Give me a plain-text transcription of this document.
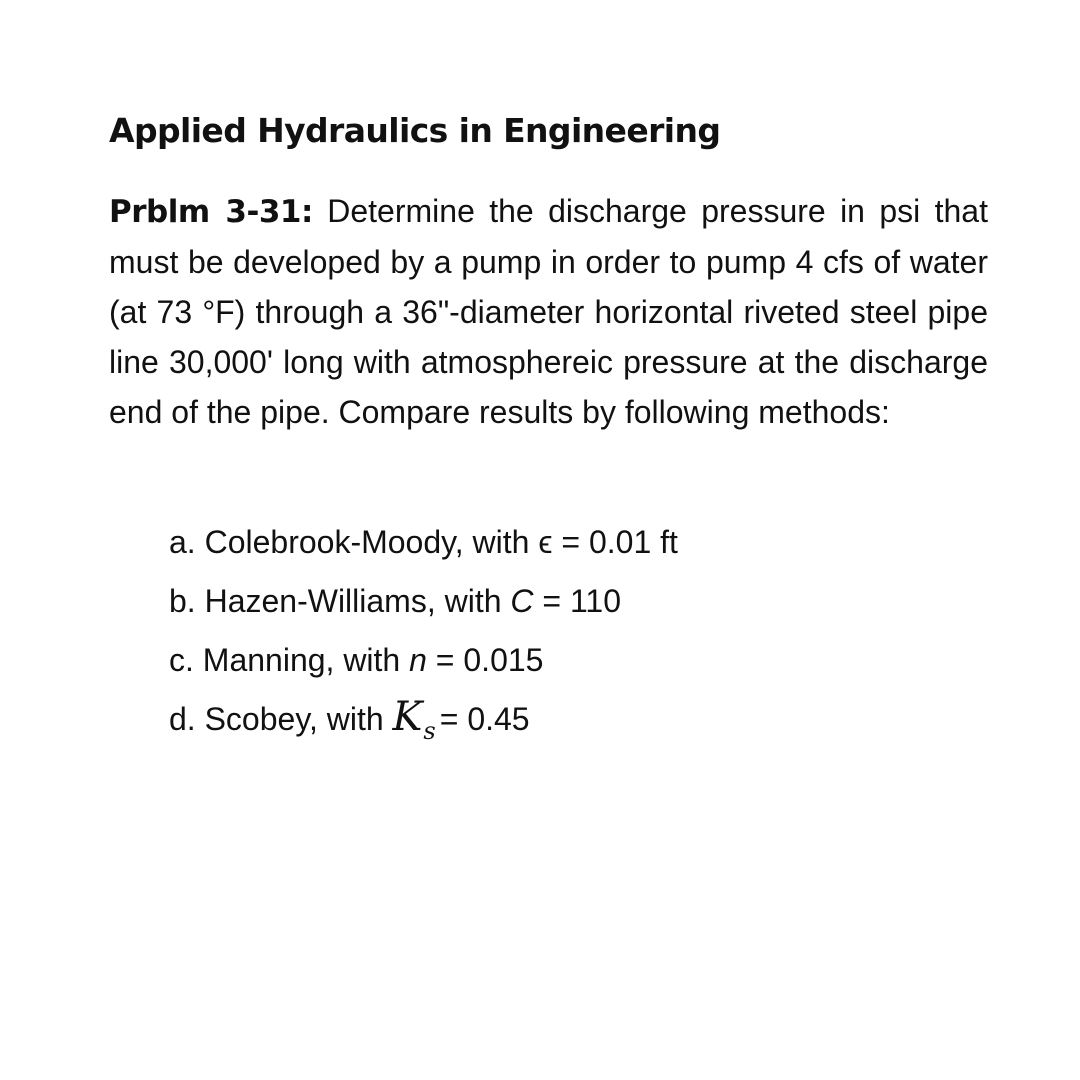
Applied Hydraulics in Engineering

Prblm 3-31: Determine the discharge pressure in psi that must be developed by a pump in order to pump 4 cfs of water (at 73 °F) through a 36"-diameter horizontal riveted steel pipe line 30,000' long with atmosphereic pressure at the discharge end of the pipe. Compare results by following methods:

a. Colebrook-Moody, with ϵ = 0.01 ft
b. Hazen-Williams, with C = 110
c. Manning, with n = 0.015
d. Scobey, with $K_s = 0.45$
